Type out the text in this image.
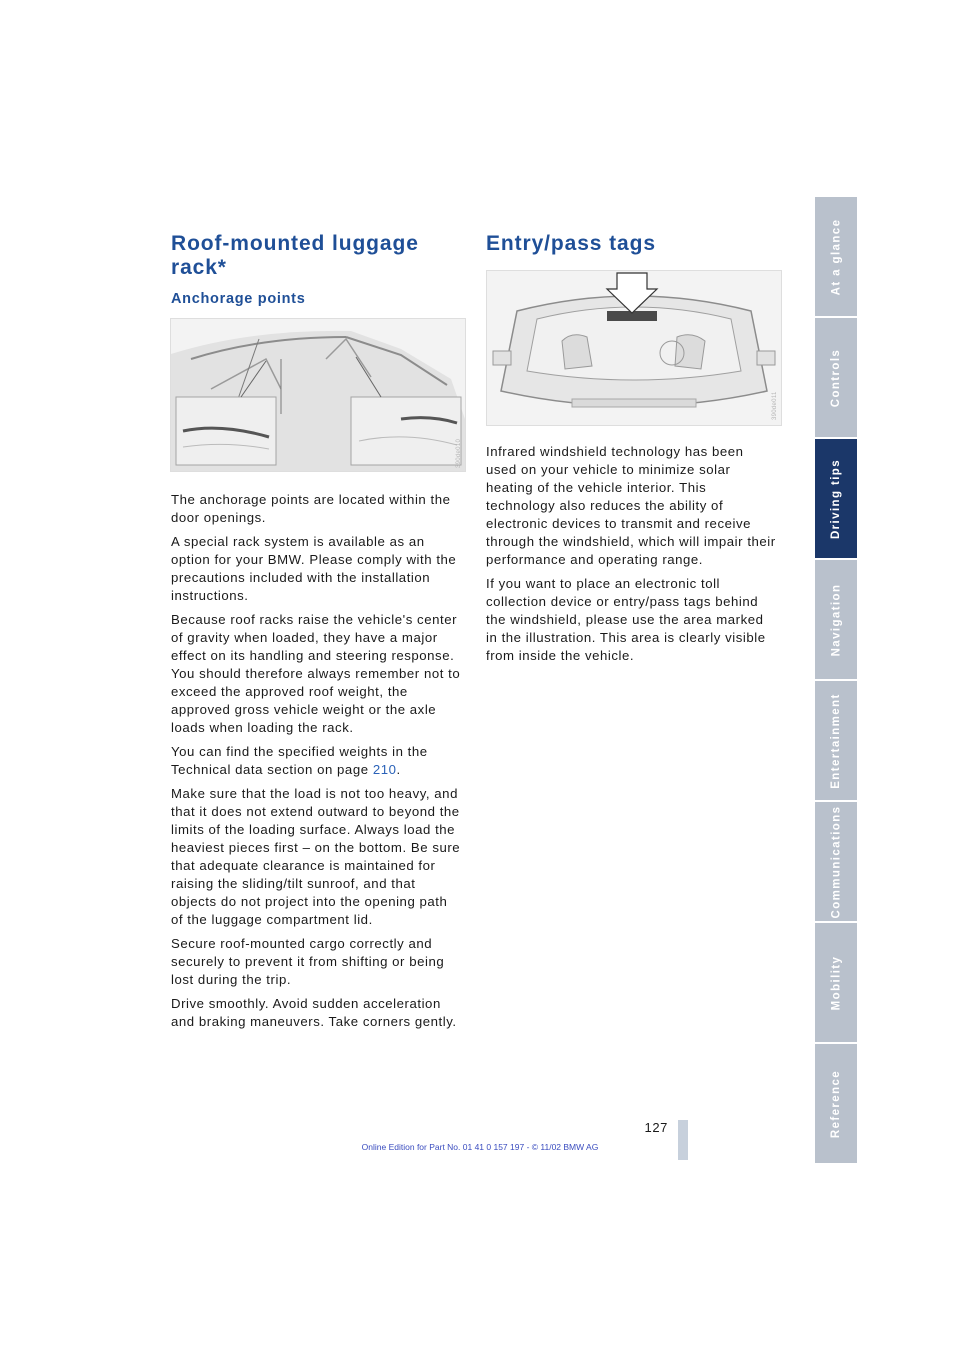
Roof-mounted luggage rack*
Anchorage points
390de010

The anchorage points are located within the door openings.

A special rack system is available as an option for your BMW. Please comply with the precautions included with the installation instructions.

Because roof racks raise the vehicle's center of gravity when loaded, they have a major effect on its handling and steering response.

You should therefore always remember not to exceed the approved roof weight, the approved gross vehicle weight or the axle loads when loading the rack.

You can find the specified weights in the Technical data section on page 210.

Make sure that the load is not too heavy, and that it does not extend outward to beyond the limits of the loading surface. Always load the heaviest pieces first – on the bottom. Be sure that adequate clearance is maintained for raising the sliding/tilt sunroof, and that objects do not project into the opening path of the luggage compartment lid.

Secure roof-mounted cargo correctly and securely to prevent it from shifting or being lost during the trip.

Drive smoothly. Avoid sudden acceleration and braking maneuvers. Take corners gently.

Entry/pass tags
390de011

Infrared windshield technology has been used on your vehicle to minimize solar heating of the vehicle interior. This technology also reduces the ability of electronic devices to transmit and receive through the windshield, which will impair their performance and operating range.

If you want to place an electronic toll collection device or entry/pass tags behind the windshield, please use the area marked in the illustration. This area is clearly visible from inside the vehicle.

At a glance
Controls
Driving tips
Navigation
Entertainment
Communications
Mobility
Reference
127
Online Edition for Part No. 01 41 0 157 197 - © 11/02 BMW AG
